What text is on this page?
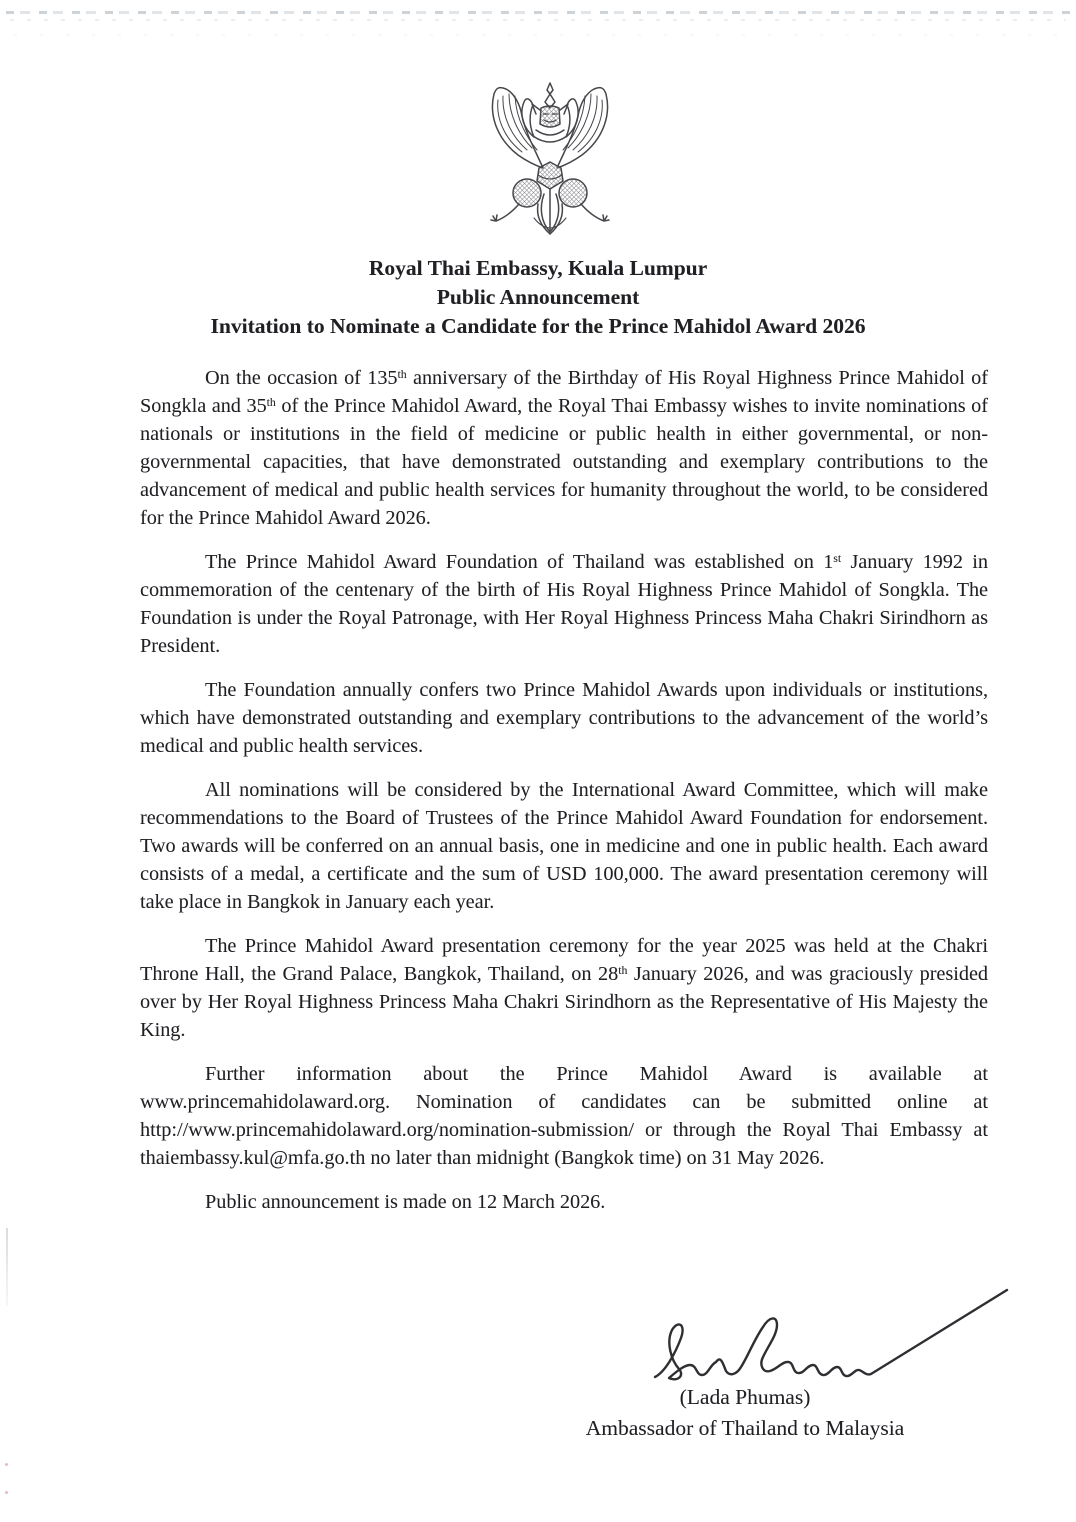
Royal Thai Embassy, Kuala Lumpur
Public Announcement
Invitation to Nominate a Candidate for the Prince Mahidol Award 2026

On the occasion of 135th anniversary of the Birthday of His Royal Highness Prince Mahidol of Songkla and 35th of the Prince Mahidol Award, the Royal Thai Embassy wishes to invite nominations of nationals or institutions in the field of medicine or public health in either governmental, or non-governmental capacities, that have demonstrated outstanding and exemplary contributions to the advancement of medical and public health services for humanity throughout the world, to be considered for the Prince Mahidol Award 2026.

The Prince Mahidol Award Foundation of Thailand was established on 1st January 1992 in commemoration of the centenary of the birth of His Royal Highness Prince Mahidol of Songkla. The Foundation is under the Royal Patronage, with Her Royal Highness Princess Maha Chakri Sirindhorn as President.

The Foundation annually confers two Prince Mahidol Awards upon individuals or institutions, which have demonstrated outstanding and exemplary contributions to the advancement of the world’s medical and public health services.

All nominations will be considered by the International Award Committee, which will make recommendations to the Board of Trustees of the Prince Mahidol Award Foundation for endorsement. Two awards will be conferred on an annual basis, one in medicine and one in public health. Each award consists of a medal, a certificate and the sum of USD 100,000. The award presentation ceremony will take place in Bangkok in January each year.

The Prince Mahidol Award presentation ceremony for the year 2025 was held at the Chakri Throne Hall, the Grand Palace, Bangkok, Thailand, on 28th January 2026, and was graciously presided over by Her Royal Highness Princess Maha Chakri Sirindhorn as the Representative of His Majesty the King.

Further information about the Prince Mahidol Award is available at www.princemahidolaward.org. Nomination of candidates can be submitted online at http://www.princemahidolaward.org/nomination-submission/ or through the Royal Thai Embassy at thaiembassy.kul@mfa.go.th no later than midnight (Bangkok time) on 31 May 2026.

Public announcement is made on 12 March 2026.

(Lada Phumas)
Ambassador of Thailand to Malaysia
